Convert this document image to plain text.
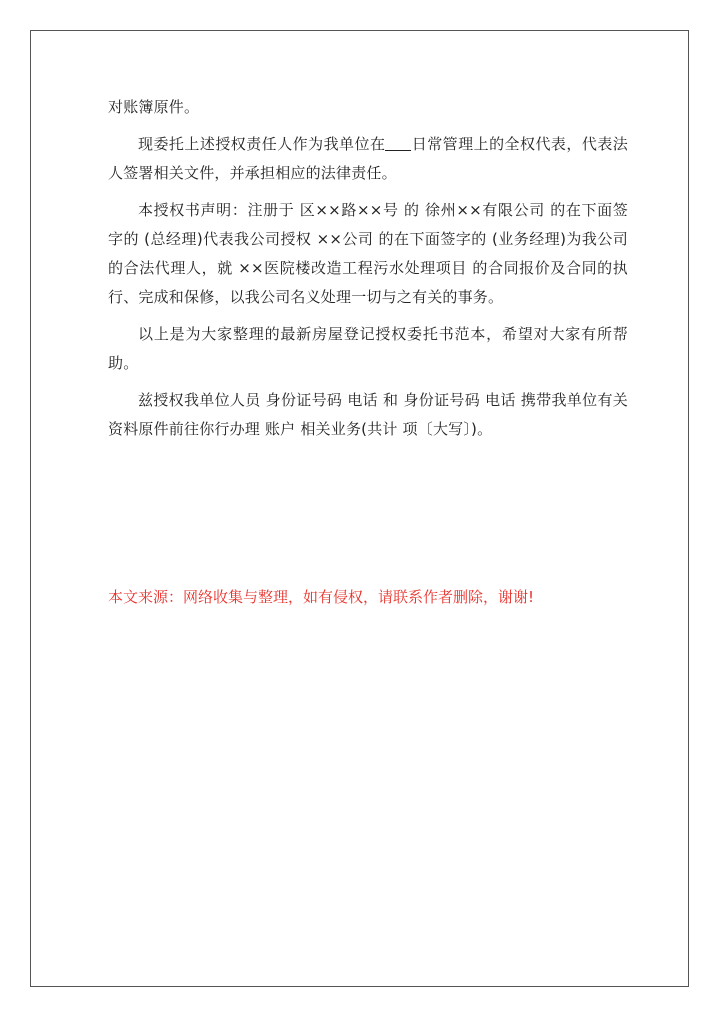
对账簿原件。

现委托上述授权责任人作为我单位在 日常管理上的全权代表，代表法人签署相关文件，并承担相应的法律责任。

本授权书声明：注册于 区××路××号 的 徐州××有限公司 的在下面签字的 (总经理)代表我公司授权 ××公司 的在下面签字的 (业务经理)为我公司的合法代理人，就 ××医院楼改造工程污水处理项目 的合同报价及合同的执行、完成和保修，以我公司名义处理一切与之有关的事务。

以上是为大家整理的最新房屋登记授权委托书范本，希望对大家有所帮助。

兹授权我单位人员 身份证号码 电话 和 身份证号码 电话 携带我单位有关资料原件前往你行办理 账户 相关业务(共计 项〔大写〕)。

本文来源：网络收集与整理，如有侵权，请联系作者删除，谢谢!
